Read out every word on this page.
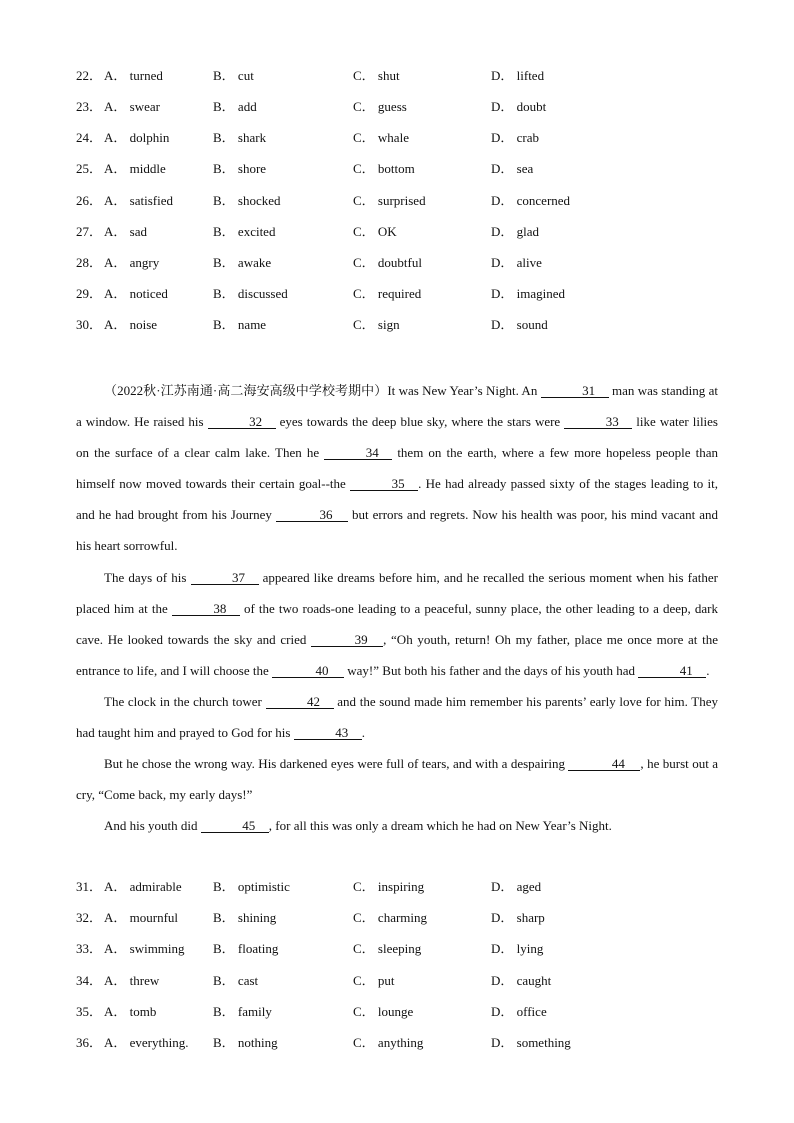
22． A． turned	B． cut	C． shut	D． lifted
23． A． swear	B． add	C． guess	D． doubt
24． A． dolphin	B． shark	C． whale	D． crab
25． A． middle	B． shore	C． bottom	D． sea
26． A． satisfied	B． shocked	C． surprised	D． concerned
27． A． sad	B． excited	C． OK	D． glad
28． A． angry	B． awake	C． doubtful	D． alive
29． A． noticed	B． discussed	C． required	D． imagined
30． A． noise	B． name	C． sign	D． sound

（2022秋·江苏南通·高二海安高级中学校考期中）It was New Year’s Night. An	31 man was standing at a window. He raised his	32 eyes towards the deep blue sky, where the stars were	33 like water lilies on the surface of a clear calm lake. Then he	34 them on the earth, where a few more hopeless people than himself now moved towards their certain goal--the	35 . He had already passed sixty of the stages leading to it, and he had brought from his Journey	36 but errors and regrets. Now his health was poor, his mind vacant and his heart sorrowful.

The days of his	37 appeared like dreams before him, and he recalled the serious moment when his father placed him at the	38 of the two roads-one leading to a peaceful, sunny place, the other leading to a deep, dark cave. He looked towards the sky and cried	39 , “Oh youth, return! Oh my father, place me once more at the entrance to life, and I will choose the	40 way!” But both his father and the days of his youth had	41 .

The clock in the church tower	42 and the sound made him remember his parents’ early love for him. They had taught him and prayed to God for his	43 .

But he chose the wrong way. His darkened eyes were full of tears, and with a despairing	44 , he burst out a cry, “Come back, my early days!”

And his youth did	45 , for all this was only a dream which he had on New Year’s Night.

31． A． admirable B． optimistic	C． inspiring	D． aged
32． A． mournful	B． shining	C． charming	D． sharp
33． A． swimming B． floating	C． sleeping	D． lying
34． A． threw	B． cast	C． put	D． caught
35． A． tomb	B． family	C． lounge	D． office
36． A． everything. B． nothing	C． anything	D． something
